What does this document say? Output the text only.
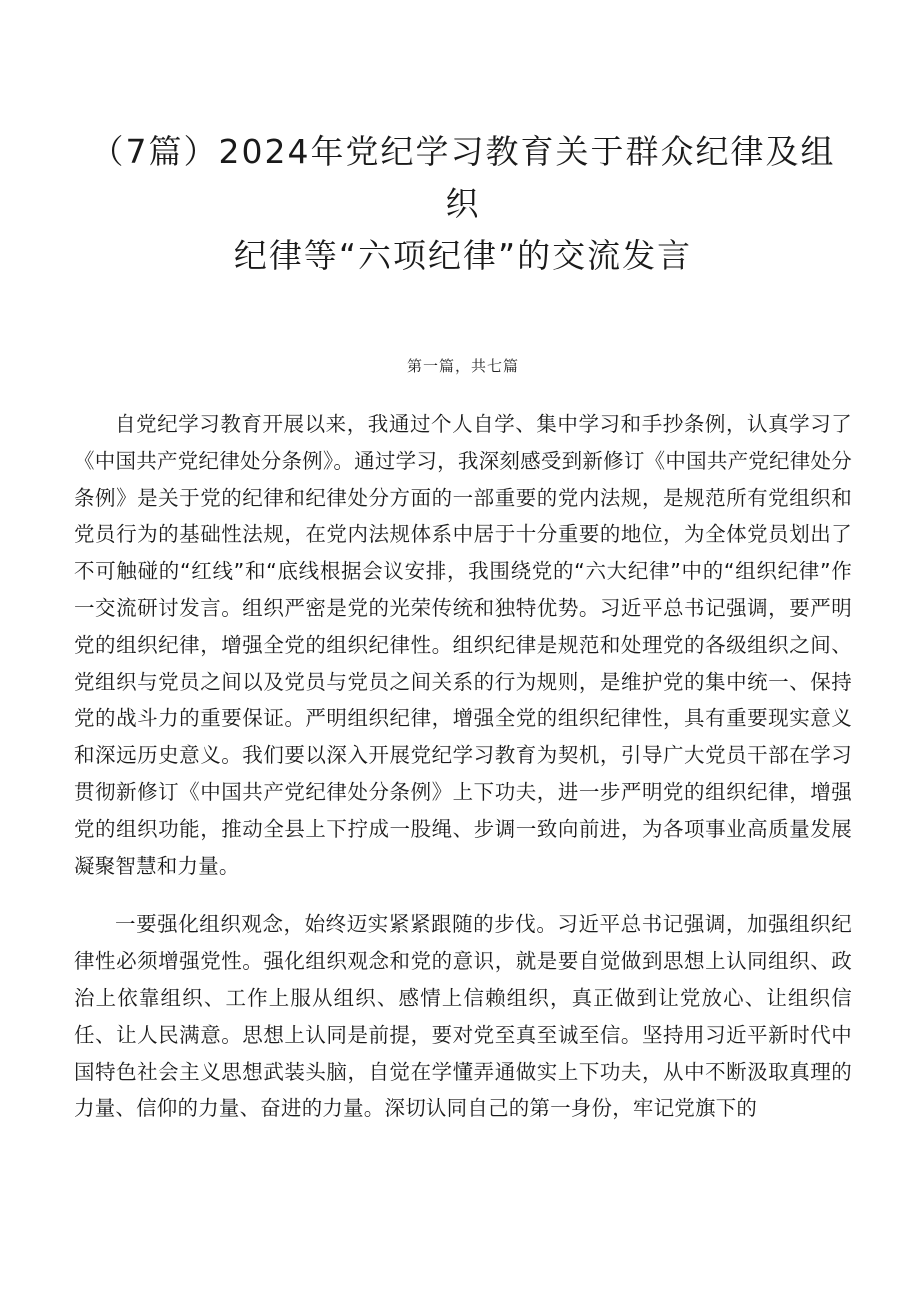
（7篇）2024年党纪学习教育关于群众纪律及组织
纪律等“六项纪律”的交流发言
第一篇，共七篇

自党纪学习教育开展以来，我通过个人自学、集中学习和手抄条例，认真学习了《中国共产党纪律处分条例》。通过学习，我深刻感受到新修订《中国共产党纪律处分条例》是关于党的纪律和纪律处分方面的一部重要的党内法规，是规范所有党组织和党员行为的基础性法规，在党内法规体系中居于十分重要的地位，为全体党员划出了不可触碰的“红线”和“底线根据会议安排，我围绕党的“六大纪律”中的“组织纪律”作一交流研讨发言。组织严密是党的光荣传统和独特优势。习近平总书记强调，要严明党的组织纪律，增强全党的组织纪律性。组织纪律是规范和处理党的各级组织之间、党组织与党员之间以及党员与党员之间关系的行为规则，是维护党的集中统一、保持党的战斗力的重要保证。严明组织纪律，增强全党的组织纪律性，具有重要现实意义和深远历史意义。我们要以深入开展党纪学习教育为契机，引导广大党员干部在学习贯彻新修订《中国共产党纪律处分条例》上下功夫，进一步严明党的组织纪律，增强党的组织功能，推动全县上下拧成一股绳、步调一致向前进，为各项事业高质量发展凝聚智慧和力量。

一要强化组织观念，始终迈实紧紧跟随的步伐。习近平总书记强调，加强组织纪律性必须增强党性。强化组织观念和党的意识，就是要自觉做到思想上认同组织、政治上依靠组织、工作上服从组织、感情上信赖组织，真正做到让党放心、让组织信任、让人民满意。思想上认同是前提，要对党至真至诚至信。坚持用习近平新时代中国特色社会主义思想武装头脑，自觉在学懂弄通做实上下功夫，从中不断汲取真理的力量、信仰的力量、奋进的力量。深切认同自己的第一身份，牢记党旗下的
